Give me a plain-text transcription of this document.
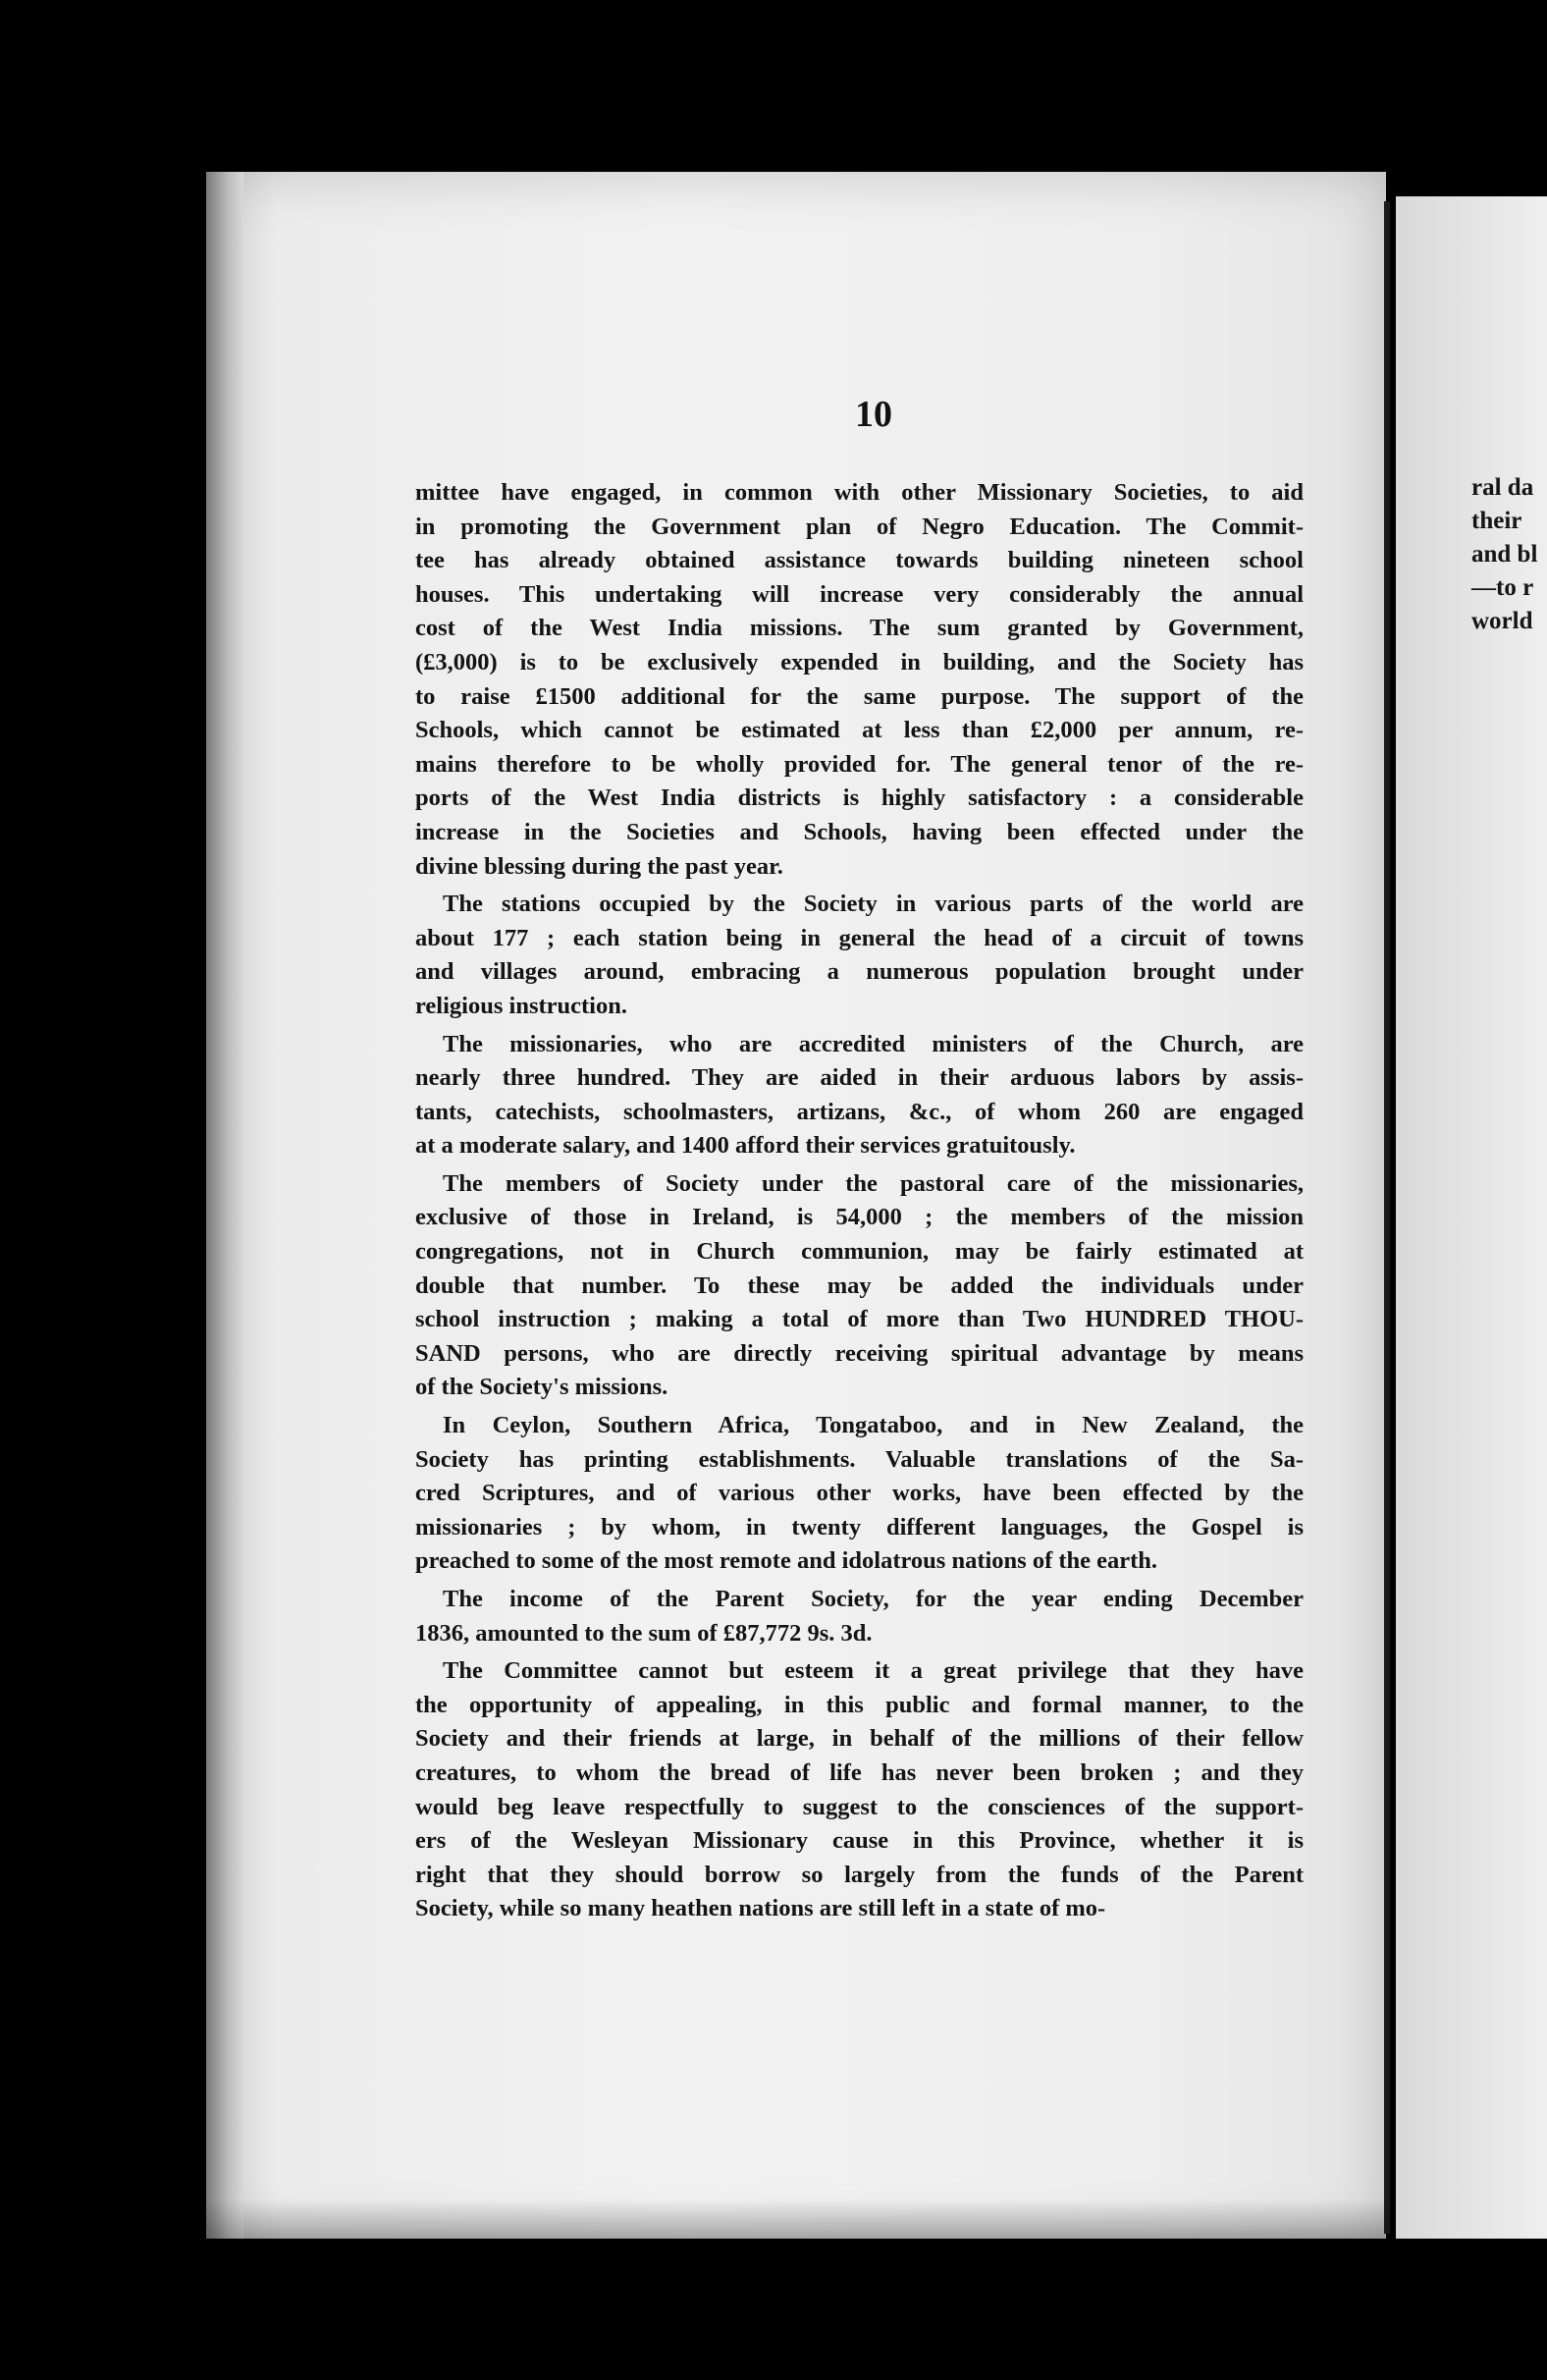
ral da
their
and bl
—to r
world
10
mittee have engaged, in common with other Missionary Societies, to aid
in promoting the Government plan of Negro Education. The Commit-
tee has already obtained assistance towards building nineteen school
houses. This undertaking will increase very considerably the annual
cost of the West India missions. The sum granted by Government,
(£3,000) is to be exclusively expended in building, and the Society has
to raise £1500 additional for the same purpose. The support of the
Schools, which cannot be estimated at less than £2,000 per annum, re-
mains therefore to be wholly provided for. The general tenor of the re-
ports of the West India districts is highly satisfactory : a considerable
increase in the Societies and Schools, having been effected under the
divine blessing during the past year.
The stations occupied by the Society in various parts of the world are
about 177 ; each station being in general the head of a circuit of towns
and villages around, embracing a numerous population brought under
religious instruction.
The missionaries, who are accredited ministers of the Church, are
nearly three hundred. They are aided in their arduous labors by assis-
tants, catechists, schoolmasters, artizans, &c., of whom 260 are engaged
at a moderate salary, and 1400 afford their services gratuitously.
The members of Society under the pastoral care of the missionaries,
exclusive of those in Ireland, is 54,000 ; the members of the mission
congregations, not in Church communion, may be fairly estimated at
double that number. To these may be added the individuals under
school instruction ; making a total of more than Two HUNDRED THOU-
SAND persons, who are directly receiving spiritual advantage by means
of the Society's missions.
In Ceylon, Southern Africa, Tongataboo, and in New Zealand, the
Society has printing establishments. Valuable translations of the Sa-
cred Scriptures, and of various other works, have been effected by the
missionaries ; by whom, in twenty different languages, the Gospel is
preached to some of the most remote and idolatrous nations of the earth.
The income of the Parent Society, for the year ending December
1836, amounted to the sum of £87,772 9s. 3d.
The Committee cannot but esteem it a great privilege that they have
the opportunity of appealing, in this public and formal manner, to the
Society and their friends at large, in behalf of the millions of their fellow
creatures, to whom the bread of life has never been broken ; and they
would beg leave respectfully to suggest to the consciences of the support-
ers of the Wesleyan Missionary cause in this Province, whether it is
right that they should borrow so largely from the funds of the Parent
Society, while so many heathen nations are still left in a state of mo-
